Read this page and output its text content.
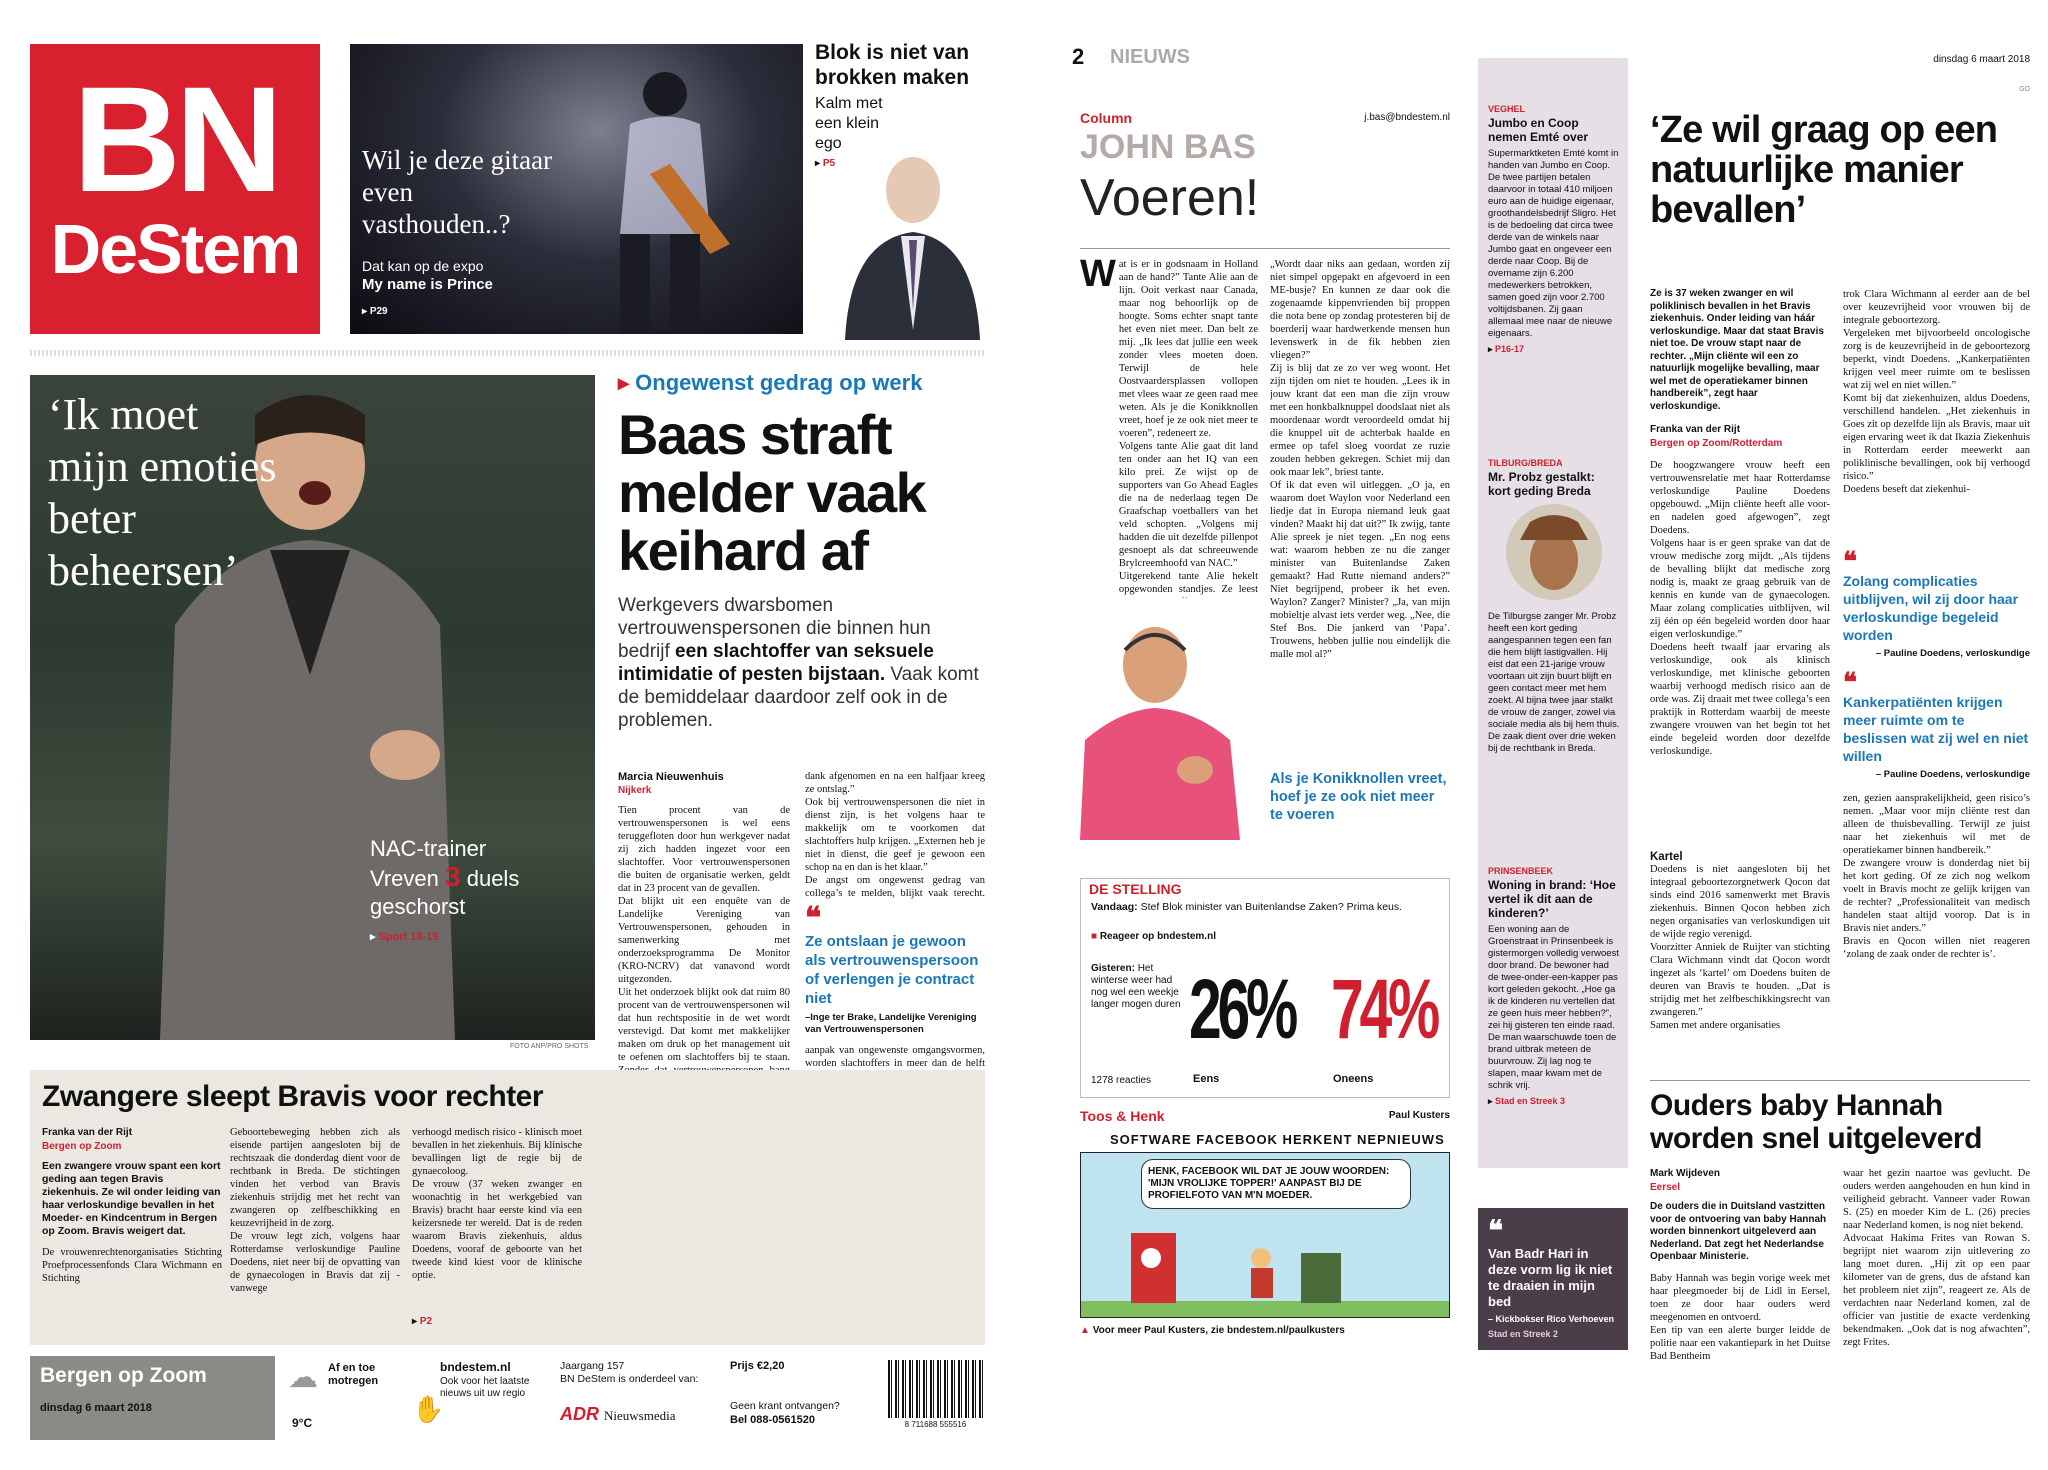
BN
DeStem
Wil je deze gitaar even vasthouden..?
Dat kan op de expo
My name is Prince
▸ P29
Blok is niet van brokken maken
Kalm met een klein ego
▸ P5
‘Ik moet mijn emoties beter beheersen’
NAC-trainer Vreven 3 duels geschorst
▸ Sport 18-19
FOTO ANP/PRO SHOTS
▸ Ongewenst gedrag op werk
Baas straft melder vaak keihard af
Werkgevers dwarsbomen vertrouwenspersonen die binnen hun bedrijf een slachtoffer van seksuele intimidatie of pesten bijstaan. Vaak komt de bemiddelaar daardoor zelf ook in de problemen.
Marcia Nieuwenhuis
Nijkerk

Tien procent van de vertrouwenspersonen is wel eens teruggefloten door hun werkgever nadat zij zich hadden ingezet voor een slachtoffer. Voor vertrouwenspersonen die buiten de organisatie werken, geldt dat in 23 procent van de gevallen.
Dat blijkt uit een enquête van de Landelijke Vereniging van Vertrouwenspersonen, gehouden in samenwerking met onderzoeksprogramma De Monitor (KRO-NCRV) dat vanavond wordt uitgezonden.
Uit het onderzoek blijkt ook dat ruim 80 procent van de vertrouwenspersonen wil dat hun rechtspositie in de wet wordt verstevigd. Dat komt met makkelijker maken om druk op het management uit te oefenen om slachtoffers bij te staan.

dank afgenomen en na een halfjaar kreeg ze ontslag.”
Ook bij vertrouwenspersonen die niet in dienst zijn, is het volgens haar te makkelijk om te voorkomen dat slachtoffers hulp krijgen. „Externen heb je niet in dienst, die geef je gewoon een schop na en dan is het klaar.”
De angst om ongewenst gedrag van collega’s te melden, blijkt vaak terecht.

❝
Ze ontslaan je gewoon als vertrouwenspersoon of verlengen je contract niet
–Inge ter Brake, Landelijke Vereniging van Vertrouwenspersonen

aanpak van ongewenste omgangsvormen, worden slachtoffers in meer dan de helft

Zwangere sleept Bravis voor rechter
Franka van der Rijt
Bergen op Zoom
Een zwangere vrouw spant een kort geding aan tegen Bravis ziekenhuis. Ze wil onder leiding van haar verloskundige bevallen in het Moeder- en Kindcentrum in Bergen op Zoom. Bravis weigert dat.

De vrouwenrechtenorganisaties Stichting Proefprocessenfonds Clara Wichmann en Stichting

Geboortebeweging hebben zich als eisende partijen aangesloten bij de rechtszaak die donderdag dient voor de rechtbank in Breda. De stichtingen vinden het verbod van Bravis ziekenhuis strijdig met het recht van zwangeren op zelfbeschikking en keuzevrijheid in de zorg.
De vrouw legt zich, volgens haar Rotterdamse verloskundige Pauline Doedens, niet neer bij de opvatting van de gynaecologen in Bravis dat zij - vanwege

verhoogd medisch risico - klinisch moet bevallen in het ziekenhuis. Bij klinische bevallingen ligt de regie bij de gynaecoloog.
De vrouw (37 weken zwanger en woonachtig in het werkgebied van Bravis) bracht haar eerste kind via een keizersnede ter wereld. Dat is de reden waarom Bravis ziekenhuis, aldus Doedens, vooraf de geboorte van het tweede kind kiest voor de klinische optie.

▸ P2
Bergen op Zoom
dinsdag 6 maart 2018
☁ Af en toe motregen
9°C	✋
bndestem.nl
Ook voor het laatste nieuws uit uw regio
Jaargang 157
BN DeStem is onderdeel van:
ADR Nieuwsmedia
Prijs €2,20
Geen krant ontvangen?
Bel 088-0561520	8 711688 555516
2 NIEUWS	dinsdag 6 maart 2018
GO
Column	j.bas@bndestem.nl
JOHN BAS
Voeren!
W at is er in godsnaam in Holland aan de hand?” Tante Alie aan de lijn. Ooit verkast naar Canada, maar nog behoorlijk op de hoogte. Soms echter snapt tante het even niet meer. Dan belt ze mij. „Ik lees dat jullie een week zonder vlees moeten doen. Terwijl de hele Oostvaardersplassen vollopen met vlees waar ze geen raad mee weten. Als je die Konikknollen vreet, hoef je ze ook niet meer te voeren”, redeneert ze.
Volgens tante Alie gaat dit land ten onder aan het IQ van een kilo prei. Ze wijst op de supporters van Go Ahead Eagles die na de nederlaag tegen De Graafschap voetballers van het veld schopten. „Volgens mij hadden die uit dezelfde pillenpot gesnoept als dat schreeuwende Brylcreemhoofd van NAC.”
Uitgerekend tante Alie hekelt opgewonden standjes. Ze leest

„Wordt daar niks aan gedaan, worden zij niet simpel opgepakt en afgevoerd in een ME-busje? En kunnen ze daar ook die zogenaamde kippenvrienden bij proppen die nota bene op zondag protesteren bij de boerderij waar hardwerkende mensen hun levenswerk in de fik hebben zien vliegen?”
Zij is blij dat ze zo ver weg woont. Het zijn tijden om niet te houden. „Lees ik in jouw krant dat een man die zijn vrouw met een honkbalknuppel doodslaat niet als moordenaar wordt veroordeeld omdat hij die knuppel uit de achterbak haalde en ermee op tafel sloeg voordat ze ruzie zouden hebben gekregen. Schiet mij dan ook maar lek”, briest tante.
Of ik dat even wil uitleggen. „O ja, en waarom doet Waylon voor Nederland een liedje dat in Europa niemand leuk gaat vinden? Maakt hij dat uit?” Ik zwijg, tante Alie spreek je niet tegen. „En nog eens wat: waarom hebben ze nu die zanger minister van Buitenlandse Zaken gemaakt? Had Rutte niemand anders?” Niet begrijpend, probeer ik het even. Waylon? Zanger? Minister? „Ja, van mijn mobieltje alvast iets verder weg. „Nee, die Stef Bos. Die jankerd van ‘Papa’. Trouwens, hebben jullie nou eindelijk die malle mol al?”

Als je Konikknollen vreet, hoef je ze ook niet meer te voeren
DE STELLING
Vandaag: Stef Blok minister van Buitenlandse Zaken? Prima keus.
■ Reageer op bndestem.nl
Gisteren: Het winterse weer had nog wel een weekje langer mogen duren
1278 reacties
26%
Eens
74%
Oneens
Toos & Henk	Paul Kusters
SOFTWARE FACEBOOK HERKENT NEPNIEUWS
HENK, FACEBOOK WIL DAT JE JOUW WOORDEN: 'MIJN VROLIJKE TOPPER!' AANPAST BIJ DE PROFIELFOTO VAN M'N MOEDER.
▲ Voor meer Paul Kusters, zie bndestem.nl/paulkusters
VEGHEL
Jumbo en Coop nemen Emté over
Supermarktketen Emté komt in handen van Jumbo en Coop. De twee partijen betalen daarvoor in totaal 410 miljoen euro aan de huidige eigenaar, groothandelsbedrijf Sligro. Het is de bedoeling dat circa twee derde van de winkels naar Jumbo gaat en ongeveer een derde naar Coop. Bij de overname zijn 6.200 medewerkers betrokken, samen goed zijn voor 2.700 voltijdsbanen. Zij gaan allemaal mee naar de nieuwe eigenaars.
▸ P16-17
TILBURG/BREDA
Mr. Probz gestalkt: kort geding Breda
De Tilburgse zanger Mr. Probz heeft een kort geding aangespannen tegen een fan die hem blijft lastigvallen. Hij eist dat een 21-jarige vrouw voortaan uit zijn buurt blijft en geen contact meer met hem zoekt. Al bijna twee jaar stalkt de vrouw de zanger, zowel via sociale media als bij hem thuis. De zaak dient over drie weken bij de rechtbank in Breda.
PRINSENBEEK
Woning in brand: ‘Hoe vertel ik dit aan de kinderen?’
Een woning aan de Groenstraat in Prinsenbeek is gistermorgen volledig verwoest door brand. De bewoner had de twee-onder-een-kapper pas kort geleden gekocht. „Hoe ga ik de kinderen nu vertellen dat ze geen huis meer hebben?”, zei hij gisteren ten einde raad. De man waarschuwde toen de brand uitbrak meteen de buurvrouw. Zij lag nog te slapen, maar kwam met de schrik vrij.
▸ Stad en Streek 3
❝
Van Badr Hari in deze vorm lig ik niet te draaien in mijn bed
– Kickbokser Rico Verhoeven
Stad en Streek 2
‘Ze wil graag op een natuurlijke manier bevallen’
Ze is 37 weken zwanger en wil poliklinisch bevallen in het Bravis ziekenhuis. Onder leiding van háár verloskundige. Maar dat staat Bravis niet toe. De vrouw stapt naar de rechter. „Mijn cliënte wil een zo natuurlijk mogelijke bevalling, maar wel met de operatiekamer binnen handbereik”, zegt haar verloskundige.
Franka van der Rijt
Bergen op Zoom/Rotterdam

De hoogzwangere vrouw heeft een vertrouwensrelatie met haar Rotterdamse verloskundige Pauline Doedens opgebouwd. „Mijn cliënte heeft alle voor- en nadelen goed afgewogen”, zegt Doedens.
Volgens haar is er geen sprake van dat de vrouw medische zorg mijdt. „Als tijdens de bevalling blijkt dat medische zorg nodig is, maakt ze graag gebruik van de kennis en kunde van de gynaecologen. Maar zolang complicaties uitblijven, wil zij één op één begeleid worden door haar eigen verloskundige.”
Doedens heeft twaalf jaar ervaring als verloskundige, ook als klinisch verloskundige, met klinische geboorten waarbij verhoogd medisch risico aan de orde was. Zij draait met twee collega’s een praktijk in Rotterdam waarbij de meeste zwangere vrouwen van het begin tot het einde begeleid worden door dezelfde verloskundige.

Kartel

Doedens is niet aangesloten bij het integraal geboortezorgnetwerk Qocon dat sinds eind 2016 samenwerkt met Bravis ziekenhuis. Binnen Qocon hebben zich negen organisaties van verloskundigen uit de wijde regio verenigd.
Voorzitter Anniek de Ruijter van stichting Clara Wichmann vindt dat Qocon wordt ingezet als ‘kartel’ om Doedens buiten de deuren van Bravis te houden. „Dat is strijdig met het zelfbeschikkingsrecht van zwangeren.”
Samen met andere organisaties

trok Clara Wichmann al eerder aan de bel over keuzevrijheid voor vrouwen bij de integrale geboortezorg.
Vergeleken met bijvoorbeeld oncologische zorg is de keuzevrijheid in de geboortezorg beperkt, vindt Doedens. „Kankerpatiënten krijgen veel meer ruimte om te beslissen wat zij wel en niet willen.”
Komt bij dat ziekenhuizen, aldus Doedens, verschillend handelen. „Het ziekenhuis in Goes zit op dezelfde lijn als Bravis, maar uit eigen ervaring weet ik dat Ikazia Ziekenhuis in Rotterdam eerder meewerkt aan poliklinische bevallingen, ook bij verhoogd risico.”
Doedens beseft dat ziekenhui-

❝
Zolang complicaties uitblijven, wil zij door haar verloskundige begeleid worden
– Pauline Doedens, verloskundige
❝
Kankerpatiënten krijgen meer ruimte om te beslissen wat zij wel en niet willen
– Pauline Doedens, verloskundige

zen, gezien aansprakelijkheid, geen risico’s nemen. „Maar voor mijn cliënte rest dan alleen de thuisbevalling. Terwijl ze juist naar het ziekenhuis wil met de operatiekamer binnen handbereik.”
De zwangere vrouw is donderdag niet bij het kort geding. Of ze zich nog welkom voelt in Bravis mocht ze gelijk krijgen van de rechter? „Professionaliteit van medisch handelen staat altijd voorop. Dat is in Bravis niet anders.”
Bravis en Qocon willen niet reageren ‘zolang de zaak onder de rechter is’.

Ouders baby Hannah worden snel uitgeleverd
Mark Wijdeven
Eersel
De ouders die in Duitsland vastzitten voor de ontvoering van baby Hannah worden binnenkort uitgeleverd aan Nederland. Dat zegt het Nederlandse Openbaar Ministerie.

Baby Hannah was begin vorige week met haar pleegmoeder bij de Lidl in Eersel, toen ze door haar ouders werd meegenomen en ontvoerd.
Een tip van een alerte burger leidde de politie naar een vakantiepark in het Duitse Bad Bentheim

waar het gezin naartoe was gevlucht. De ouders werden aangehouden en hun kind in veiligheid gebracht. Vanneer vader Rowan S. (25) en moeder Kim de L. (26) precies naar Nederland komen, is nog niet bekend.
Advocaat Hakima Frites van Rowan S. begrijpt niet waarom zijn uitlevering zo lang moet duren. „Hij zit op een paar kilometer van de grens, dus de afstand kan het probleem niet zijn”, reageert ze. Als de verdachten naar Nederland komen, zal de officier van justitie de exacte verdenking bekendmaken. „Ook dat is nog afwachten”, zegt Frites.
